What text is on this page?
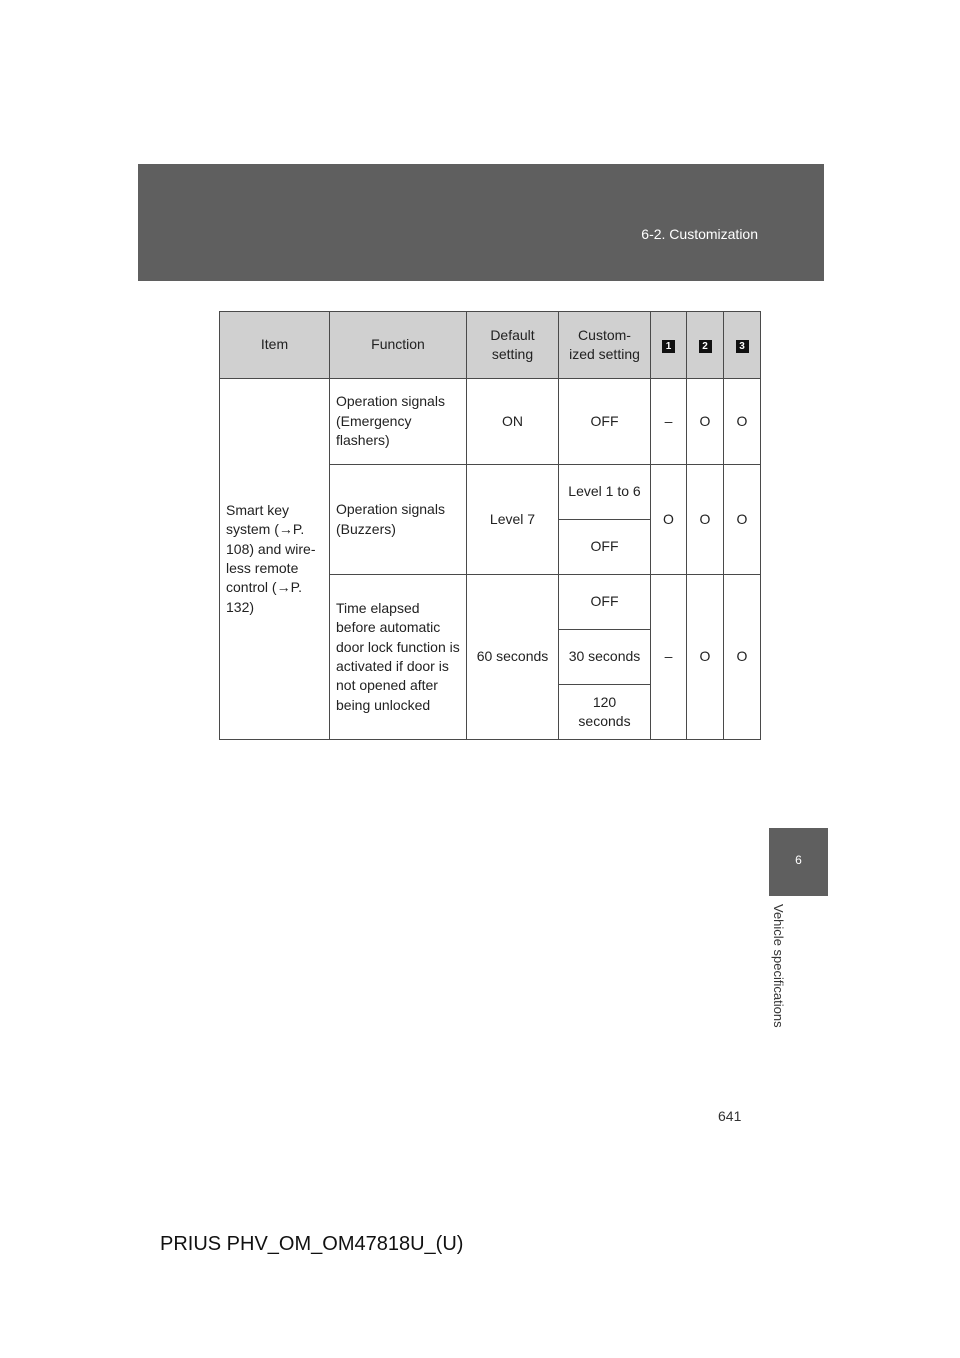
6-2. Customization
Item	Function	Default setting	Custom- ized setting	1	2	3
Smart key system (→P. 108) and wire- less remote control (→P. 132)	Operation signals (Emergency flashers)	ON	OFF	–	O	O
	Operation signals (Buzzers)	Level 7	Level 1 to 6	O	O	O
			OFF			
	Time elapsed before automatic door lock function is activated if door is not opened after being unlocked	60 seconds	OFF	–	O	O
			30 seconds			
			120 seconds			
6
Vehicle specifications
641
PRIUS PHV_OM_OM47818U_(U)
